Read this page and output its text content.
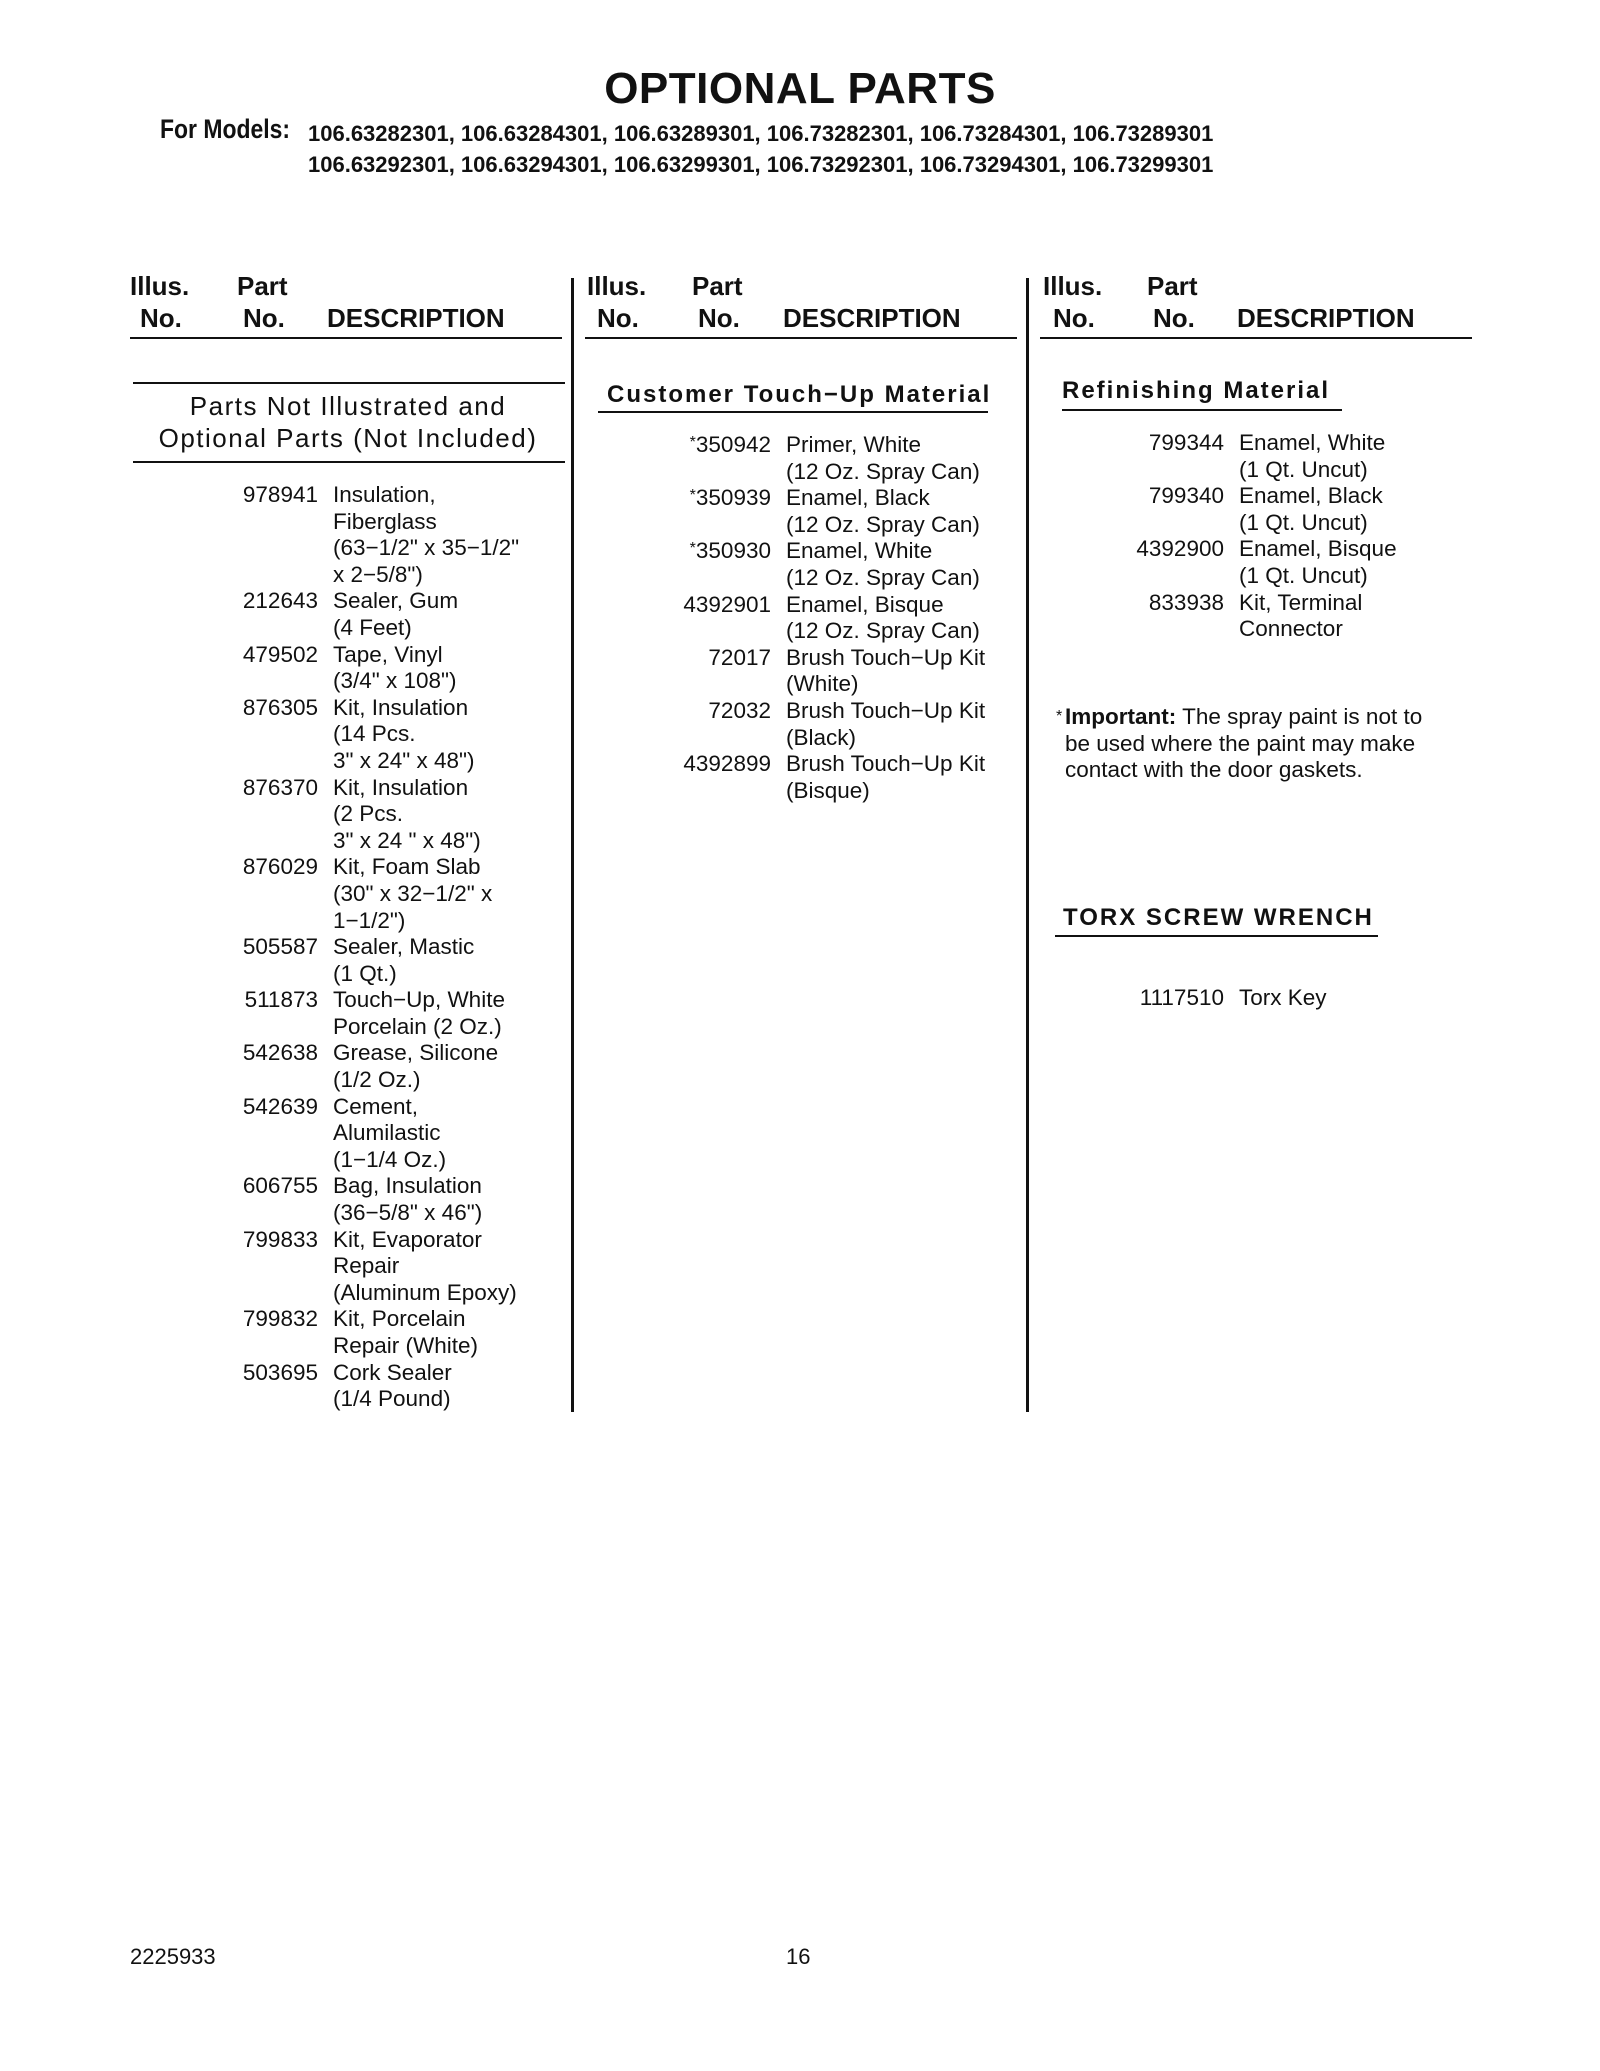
OPTIONAL PARTS
For Models: 106.63282301, 106.63284301, 106.63289301, 106.73282301, 106.73284301, 106.73289301
106.63292301, 106.63294301, 106.63299301, 106.73292301, 106.73294301, 106.73299301
Illus. Part
No. No. DESCRIPTION
Illus. Part
No. No. DESCRIPTION
Illus. Part
No. No. DESCRIPTION
Parts Not Illustrated and
Optional Parts (Not Included)
978941 Insulation,
Fiberglass
(63−1/2" x 35−1/2"
x 2−5/8")
212643 Sealer, Gum
(4 Feet)
479502 Tape, Vinyl
(3/4" x 108")
876305 Kit, Insulation
(14 Pcs.
3" x 24" x 48")
876370 Kit, Insulation
(2 Pcs.
3" x 24 " x 48")
876029 Kit, Foam Slab
(30" x 32−1/2" x
1−1/2")
505587 Sealer, Mastic
(1 Qt.)
511873 Touch−Up, White
Porcelain (2 Oz.)
542638 Grease, Silicone
(1/2 Oz.)
542639 Cement,
Alumilastic
(1−1/4 Oz.)
606755 Bag, Insulation
(36−5/8" x 46")
799833 Kit, Evaporator
Repair
(Aluminum Epoxy)
799832 Kit, Porcelain
Repair (White)
503695 Cork Sealer
(1/4 Pound)
Customer Touch−Up Material
*350942 Primer, White
(12 Oz. Spray Can)
*350939 Enamel, Black
(12 Oz. Spray Can)
*350930 Enamel, White
(12 Oz. Spray Can)
4392901 Enamel, Bisque
(12 Oz. Spray Can)
72017 Brush Touch−Up Kit
(White)
72032 Brush Touch−Up Kit
(Black)
4392899 Brush Touch−Up Kit
(Bisque)
Refinishing Material
799344 Enamel, White
(1 Qt. Uncut)
799340 Enamel, Black
(1 Qt. Uncut)
4392900 Enamel, Bisque
(1 Qt. Uncut)
833938 Kit, Terminal
Connector
* Important: The spray paint is not to be used where the paint may make contact with the door gaskets.
TORX SCREW WRENCH
1117510 Torx Key
2225933	16
